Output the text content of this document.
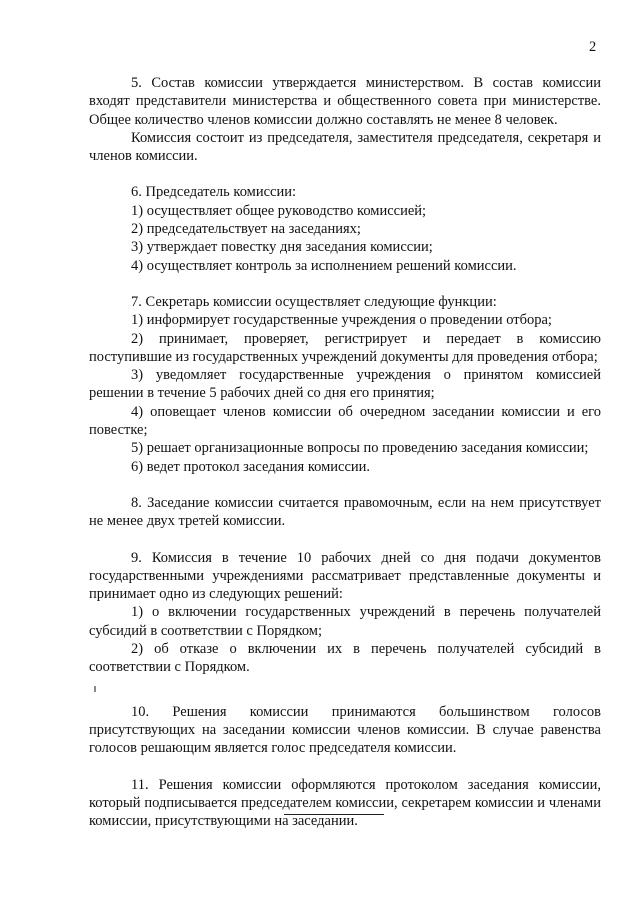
2

5. Состав комиссии утверждается министерством. В состав комиссии входят представители министерства и общественного совета при министерстве. Общее количество членов комиссии должно составлять не менее 8 человек.

Комиссия состоит из председателя, заместителя председателя, секретаря и членов комиссии.

6. Председатель комиссии:

1) осуществляет общее руководство комиссией;

2) председательствует на заседаниях;

3) утверждает повестку дня заседания комиссии;

4) осуществляет контроль за исполнением решений комиссии.

7. Секретарь комиссии осуществляет следующие функции:

1) информирует государственные учреждения о проведении отбора;

2) принимает, проверяет, регистрирует и передает в комиссию поступившие из государственных учреждений документы для проведения отбора;

3) уведомляет государственные учреждения о принятом комиссией решении в течение 5 рабочих дней со дня его принятия;

4) оповещает членов комиссии об очередном заседании комиссии и его повестке;

5) решает организационные вопросы по проведению заседания комиссии;

6) ведет протокол заседания комиссии.

8. Заседание комиссии считается правомочным, если на нем присутствует не менее двух третей комиссии.

9. Комиссия в течение 10 рабочих дней со дня подачи документов государственными учреждениями рассматривает представленные документы и принимает одно из следующих решений:

1) о включении государственных учреждений в перечень получателей субсидий в соответствии с Порядком;

2) об отказе о включении их в перечень получателей субсидий в соответствии с Порядком.

10. Решения комиссии принимаются большинством голосов присутствующих на заседании комиссии членов комиссии. В случае равенства голосов решающим является голос председателя комиссии.

11. Решения комиссии оформляются протоколом заседания комиссии, который подписывается председателем комиссии, секретарем комиссии и членами комиссии, присутствующими на заседании.
